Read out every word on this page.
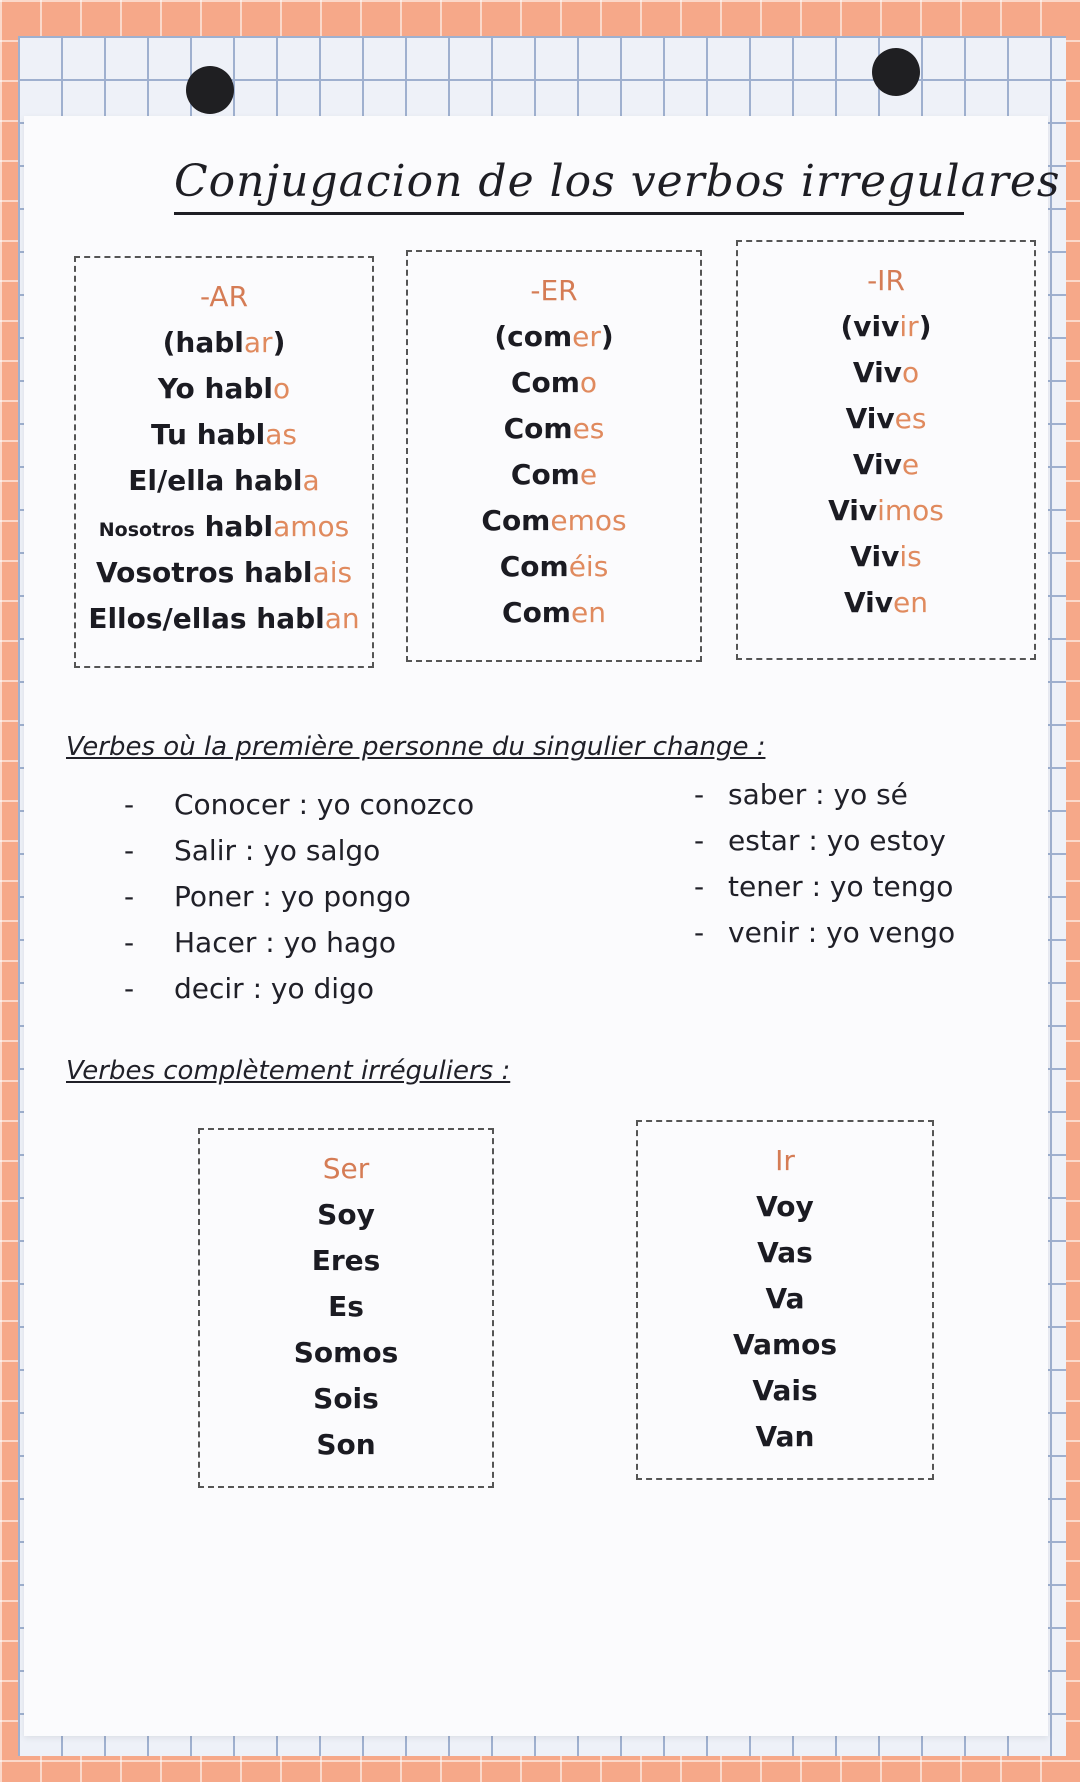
Conjugacion de los verbos irregulares
-AR
(hablar)
Yo hablo
Tu hablas
El/ella habla
Nosotros hablamos
Vosotros hablais
Ellos/ellas hablan
-ER
(comer)
Como
Comes
Come
Comemos
Coméis
Comen
-IR
(vivir)
Vivo
Vives
Vive
Vivimos
Vivis
Viven
Verbes où la première personne du singulier change :
- Conocer : yo conozco
- Salir : yo salgo
- Poner : yo pongo
- Hacer : yo hago
- decir : yo digo
- saber : yo sé
- estar : yo estoy
- tener : yo tengo
- venir : yo vengo
Verbes complètement irréguliers :
Ser
Soy
Eres
Es
Somos
Sois
Son
Ir
Voy
Vas
Va
Vamos
Vais
Van
